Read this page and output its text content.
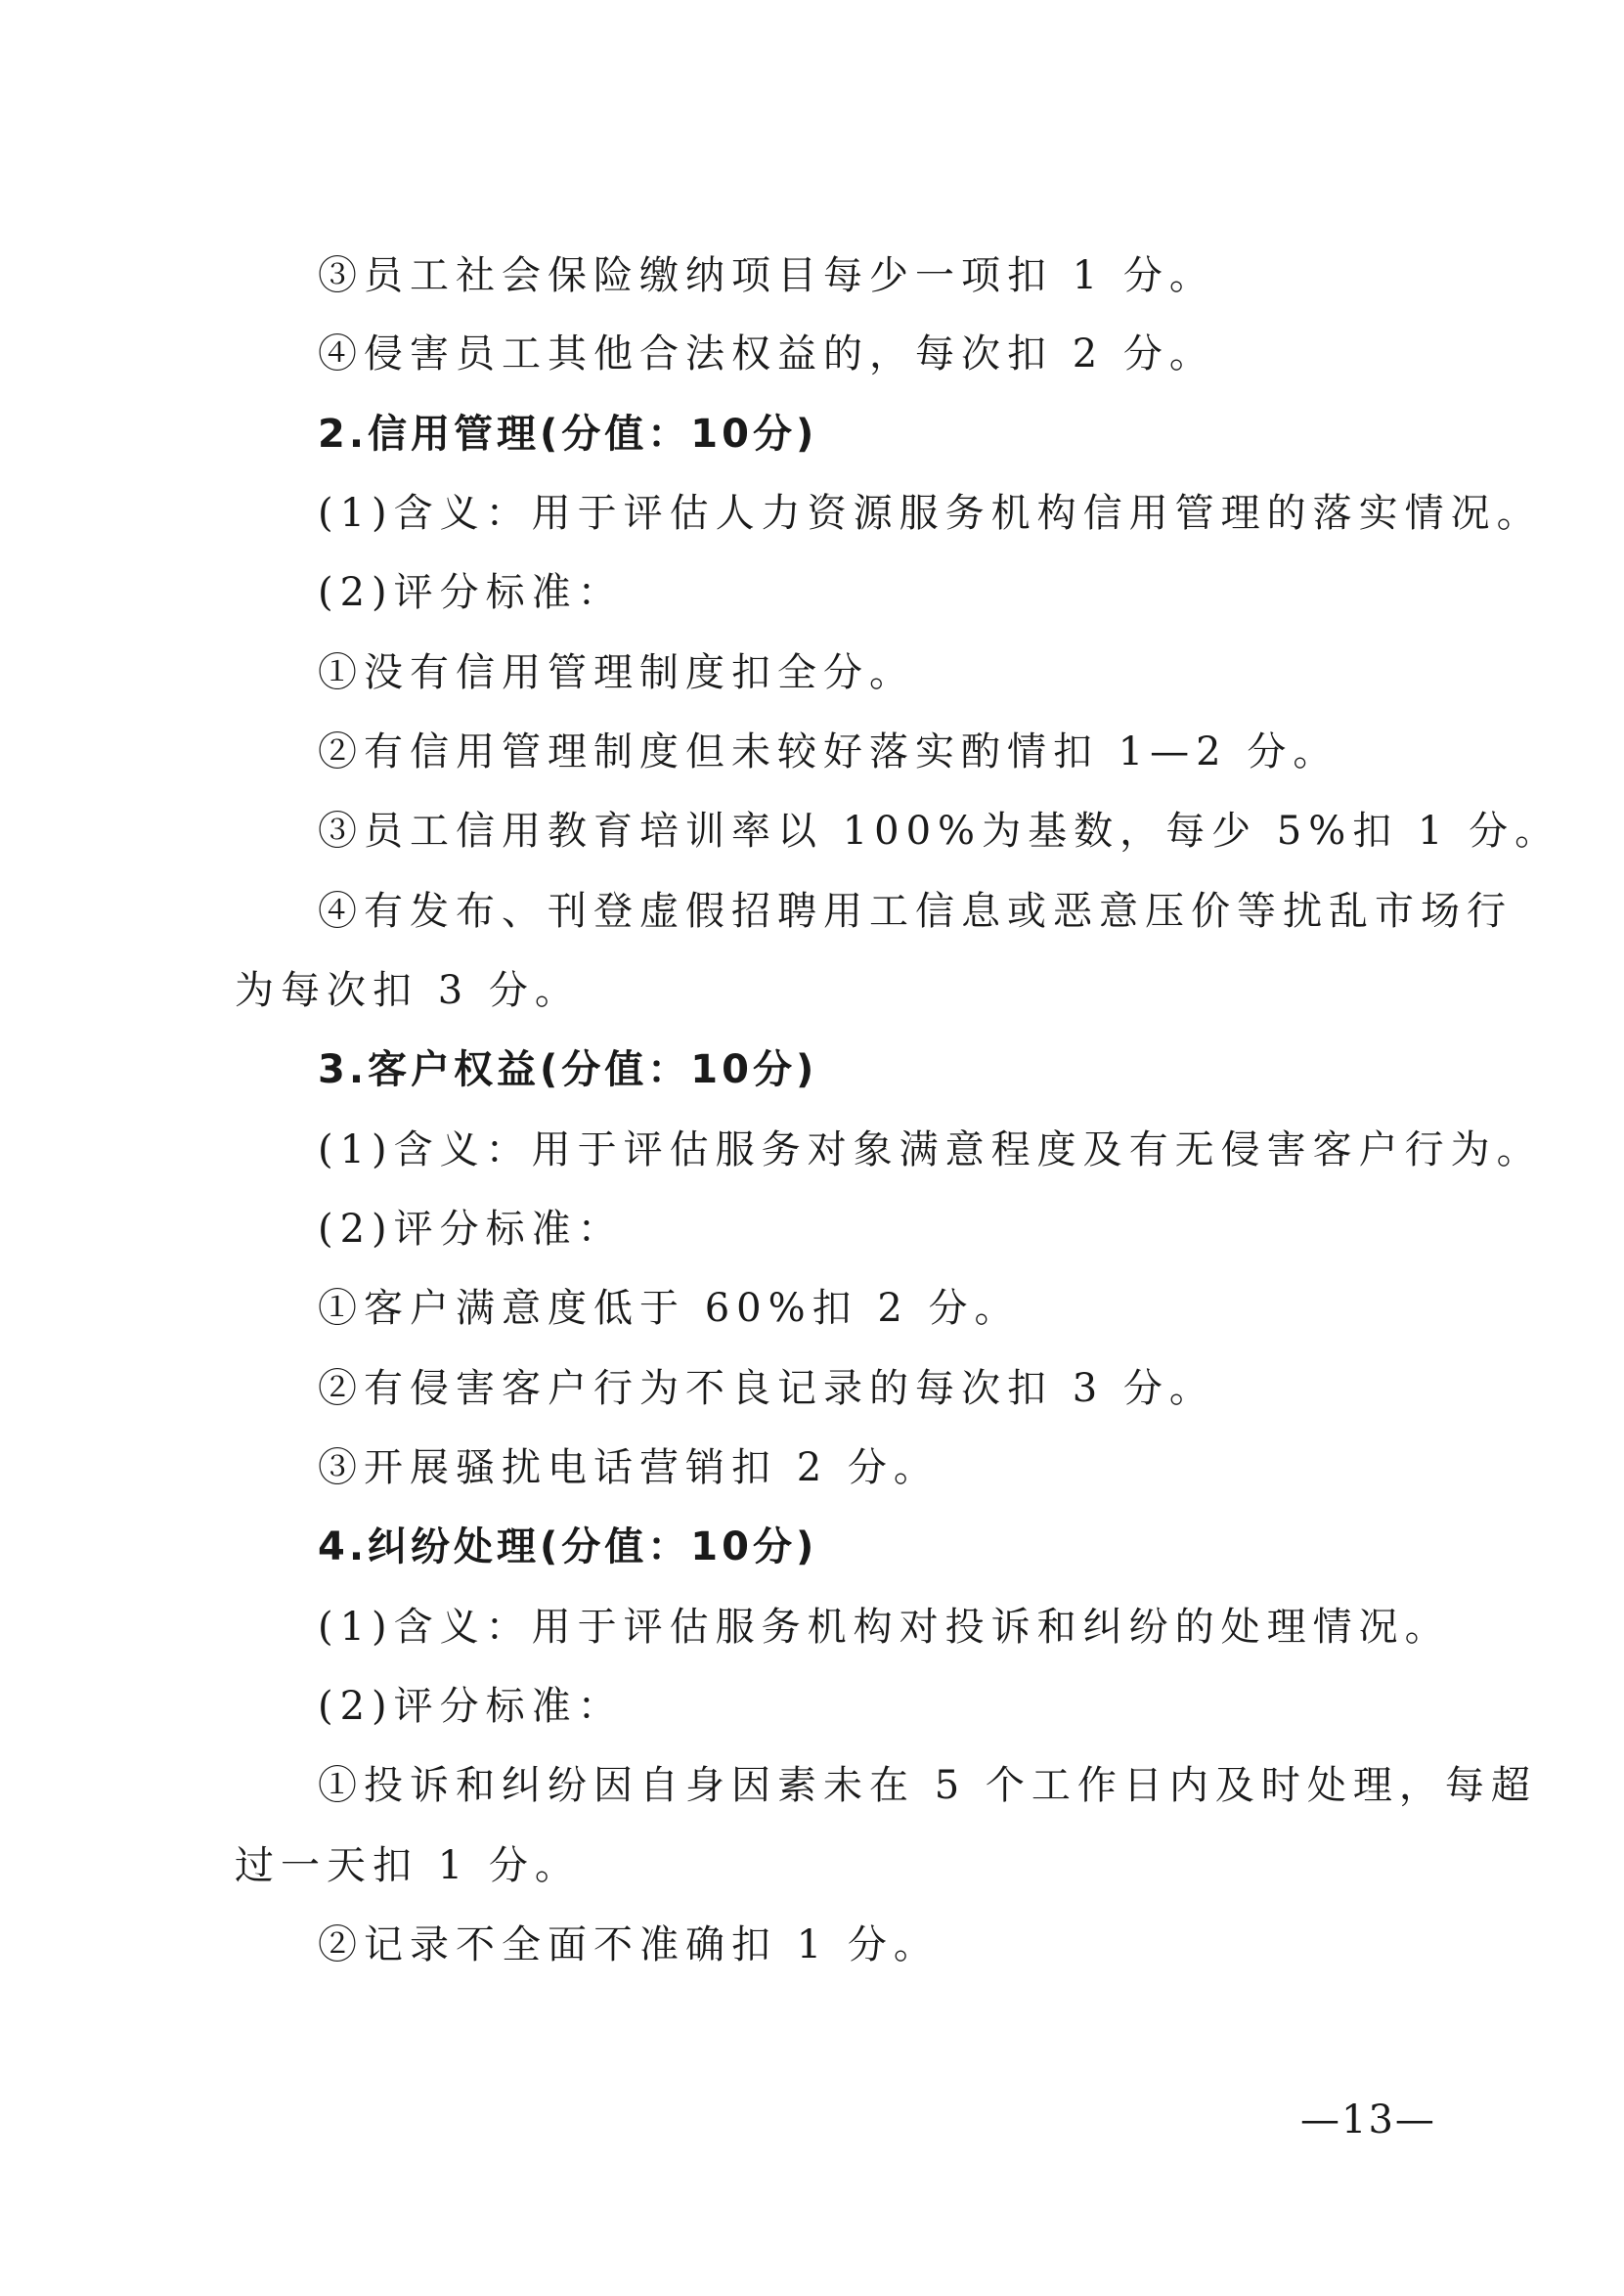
③员工社会保险缴纳项目每少一项扣 1 分。
④侵害员工其他合法权益的，每次扣 2 分。
2.信用管理(分值：10分)
(1)含义：用于评估人力资源服务机构信用管理的落实情况。
(2)评分标准：
①没有信用管理制度扣全分。
②有信用管理制度但未较好落实酌情扣 1—2 分。
③员工信用教育培训率以 100%为基数，每少 5%扣 1 分。
④有发布、刊登虚假招聘用工信息或恶意压价等扰乱市场行
为每次扣 3 分。
3.客户权益(分值：10分)
(1)含义：用于评估服务对象满意程度及有无侵害客户行为。
(2)评分标准：
①客户满意度低于 60%扣 2 分。
②有侵害客户行为不良记录的每次扣 3 分。
③开展骚扰电话营销扣 2 分。
4.纠纷处理(分值：10分)
(1)含义：用于评估服务机构对投诉和纠纷的处理情况。
(2)评分标准：
①投诉和纠纷因自身因素未在 5 个工作日内及时处理，每超
过一天扣 1 分。
②记录不全面不准确扣 1 分。
—13—
